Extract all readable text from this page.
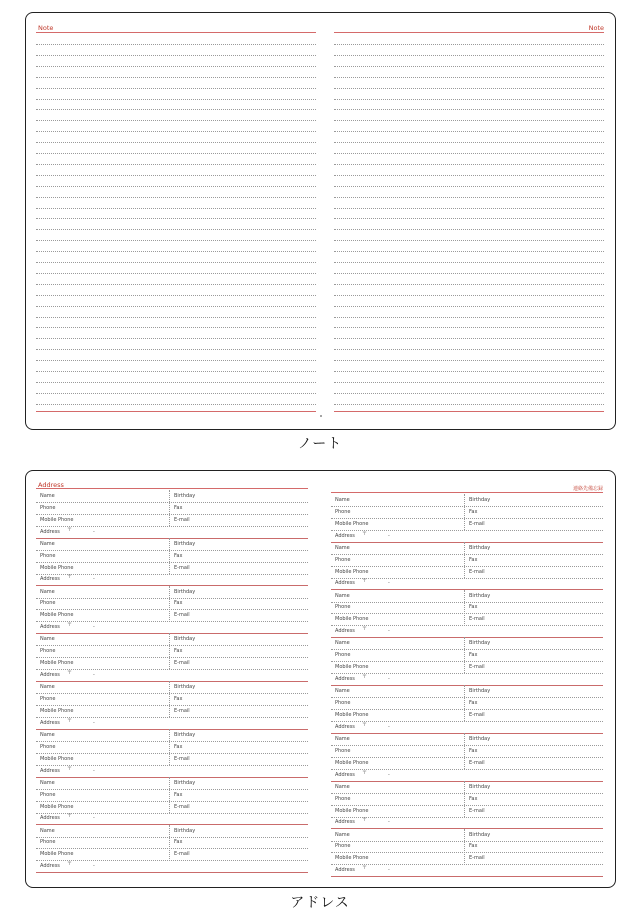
Note	Note
ノート
Address
Name	Birthday
Phone	Fax
Mobile Phone	E-mail
Address 〒	-
Name	Birthday
Phone	Fax
Mobile Phone	E-mail
Address 〒	-
Name	Birthday
Phone	Fax
Mobile Phone	E-mail
Address 〒	-
Name	Birthday
Phone	Fax
Mobile Phone	E-mail
Address 〒	-
Name	Birthday
Phone	Fax
Mobile Phone	E-mail
Address 〒	-
Name	Birthday
Phone	Fax
Mobile Phone	E-mail
Address 〒	-
Name	Birthday
Phone	Fax
Mobile Phone	E-mail
Address 〒	-
Name	Birthday
Phone	Fax
Mobile Phone	E-mail
Address 〒	-
連絡先備忘録
Name	Birthday
Phone	Fax
Mobile Phone	E-mail
Address 〒	-
Name	Birthday
Phone	Fax
Mobile Phone	E-mail
Address 〒	-
Name	Birthday
Phone	Fax
Mobile Phone	E-mail
Address 〒	-
Name	Birthday
Phone	Fax
Mobile Phone	E-mail
Address 〒	-
Name	Birthday
Phone	Fax
Mobile Phone	E-mail
Address 〒	-
Name	Birthday
Phone	Fax
Mobile Phone	E-mail
Address 〒	-
Name	Birthday
Phone	Fax
Mobile Phone	E-mail
Address 〒	-
Name	Birthday
Phone	Fax
Mobile Phone	E-mail
Address 〒	-
アドレス
